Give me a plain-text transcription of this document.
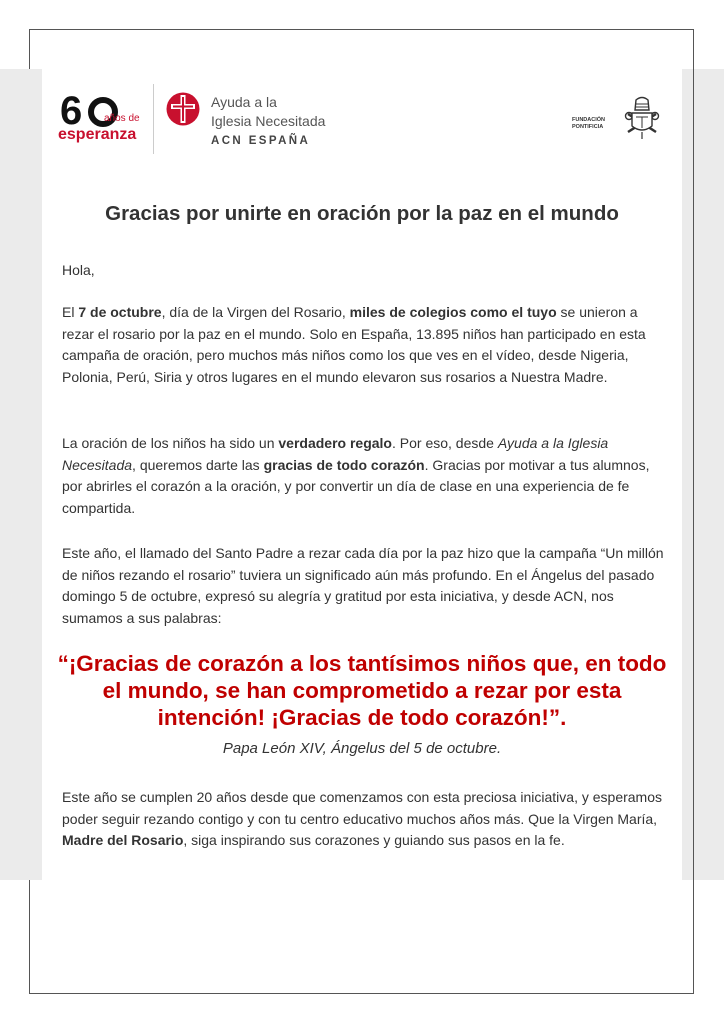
6 años de
esperanza
Ayuda a la
Iglesia Necesitada
ACN ESPAÑA
FUNDACIÓN
PONTIFICIA
Gracias por unirte en oración por la paz en el mundo
Hola,
El 7 de octubre, día de la Virgen del Rosario, miles de colegios como el tuyo se unieron a rezar el rosario por la paz en el mundo. Solo en España, 13.895 niños han participado en esta campaña de oración, pero muchos más niños como los que ves en el vídeo, desde Nigeria, Polonia, Perú, Siria y otros lugares en el mundo elevaron sus rosarios a Nuestra Madre.
La oración de los niños ha sido un verdadero regalo. Por eso, desde Ayuda a la Iglesia Necesitada, queremos darte las gracias de todo corazón. Gracias por motivar a tus alumnos, por abrirles el corazón a la oración, y por convertir un día de clase en una experiencia de fe compartida.
Este año, el llamado del Santo Padre a rezar cada día por la paz hizo que la campaña “Un millón de niños rezando el rosario” tuviera un significado aún más profundo. En el Ángelus del pasado domingo 5 de octubre, expresó su alegría y gratitud por esta iniciativa, y desde ACN, nos sumamos a sus palabras:
“¡Gracias de corazón a los tantísimos niños que, en todo el mundo, se han comprometido a rezar por esta intención! ¡Gracias de todo corazón!”.
Papa León XIV, Ángelus del 5 de octubre.
Este año se cumplen 20 años desde que comenzamos con esta preciosa iniciativa, y esperamos poder seguir rezando contigo y con tu centro educativo muchos años más. Que la Virgen María, Madre del Rosario, siga inspirando sus corazones y guiando sus pasos en la fe.
